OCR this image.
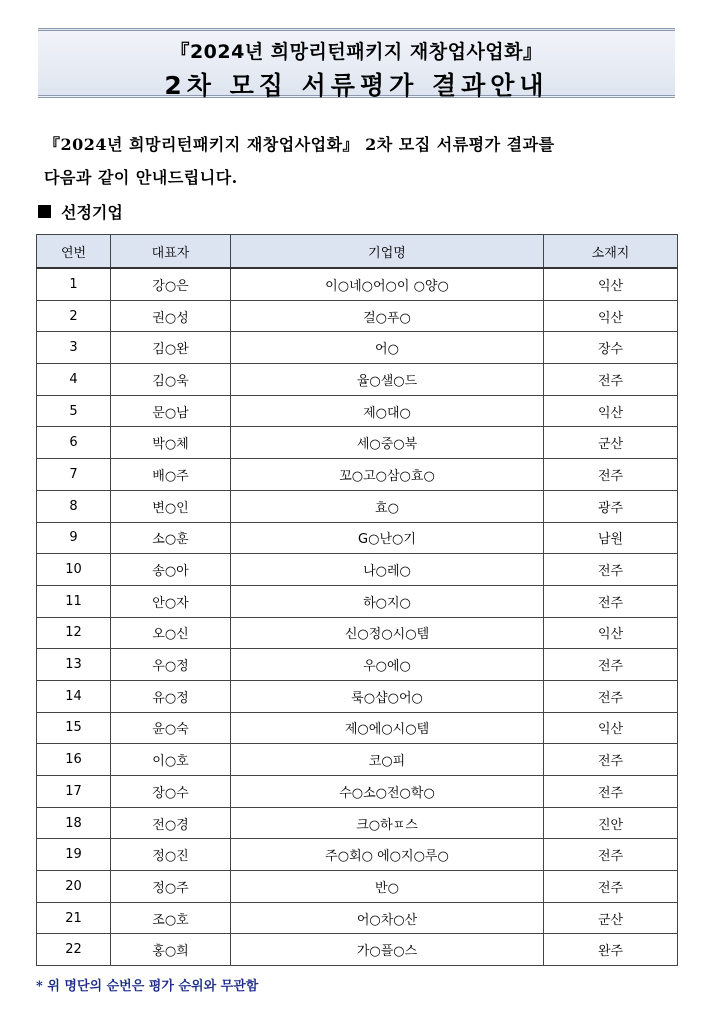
『2024년 희망리턴패키지 재창업사업화』
2차 모집 서류평가 결과안내
『2024년 희망리턴패키지 재창업사업화』 2차 모집 서류평가 결과를
다음과 같이 안내드립니다.
선정기업
연번	대표자	기업명	소재지
1	강○은	이○네○어○이 ○양○	익산
2	권○성	걸○푸○	익산
3	김○완	어○	장수
4	김○욱	율○샐○드	전주
5	문○남	제○대○	익산
6	박○체	세○중○북	군산
7	배○주	꼬○고○삼○효○	전주
8	변○인	효○	광주
9	소○훈	G○난○기	남원
10	송○아	나○레○	전주
11	안○자	하○지○	전주
12	오○신	신○정○시○템	익산
13	우○정	우○에○	전주
14	유○정	룩○샵○어○	전주
15	윤○숙	제○에○시○템	익산
16	이○호	코○피	전주
17	장○수	수○소○전○학○	전주
18	전○경	크○하ㅍ스	진안
19	정○진	주○회○ 에○지○루○	전주
20	정○주	반○	전주
21	조○호	어○차○산	군산
22	홍○희	가○플○스	완주
* 위 명단의 순번은 평가 순위와 무관함
